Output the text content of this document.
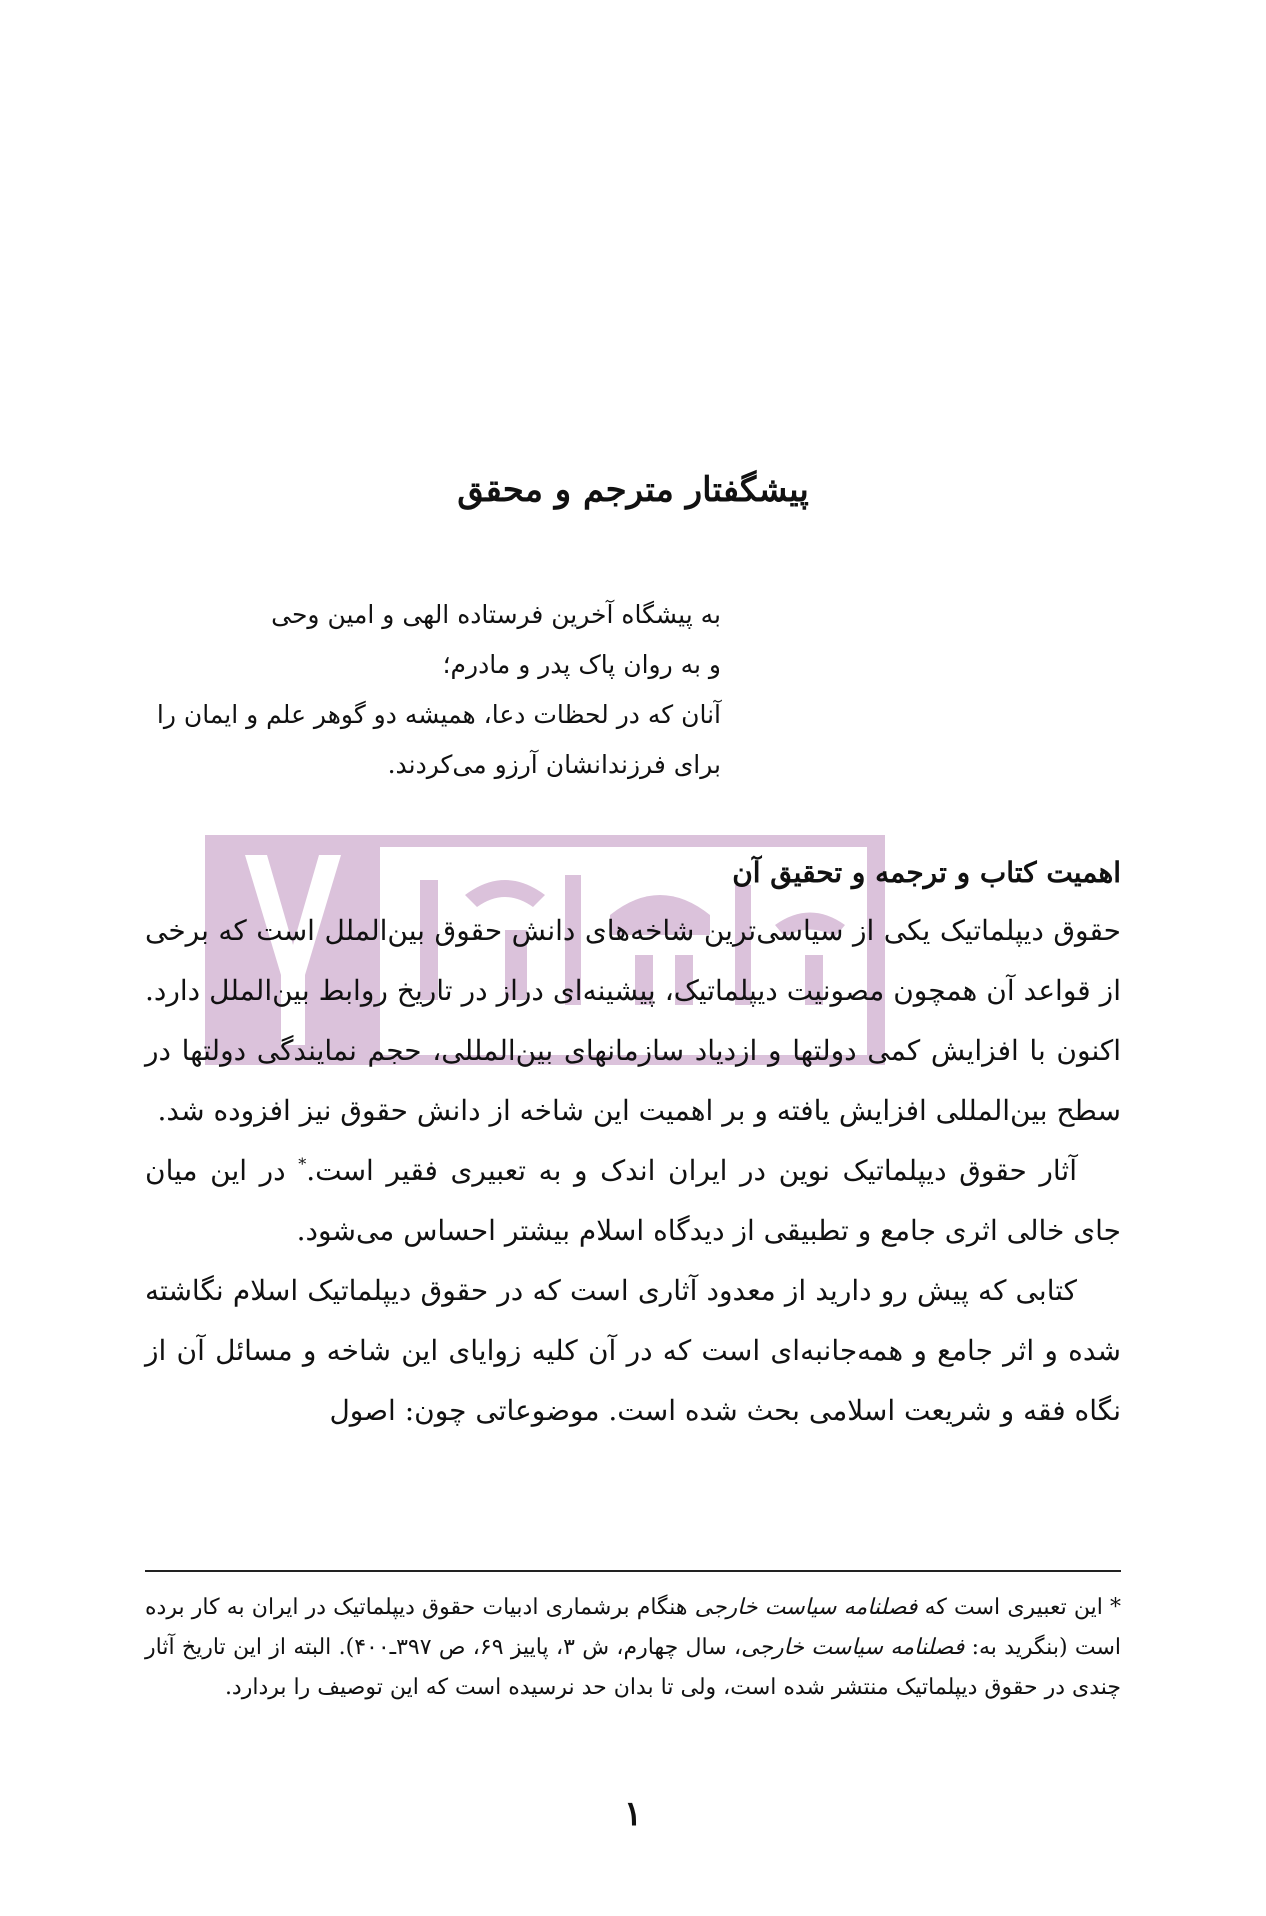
پیشگفتار مترجم و محقق
به پیشگاه آخرین فرستاده الهی و امین وحی
و به روان پاک پدر و مادرم؛
آنان که در لحظات دعا، همیشه دو گوهر علم و ایمان را
برای فرزندانشان آرزو می‌کردند.
اهمیت کتاب و ترجمه و تحقیق آن

حقوق دیپلماتیک یکی از سیاسی‌ترین شاخه‌های دانش حقوق بین‌الملل است که برخی از قواعد آن همچون مصونیت دیپلماتیک، پیشینه‌ای دراز در تاریخ روابط بین‌الملل دارد. اکنون با افزایش کمی دولتها و ازدیاد سازمانهای بین‌المللی، حجم نمایندگی دولتها در سطح بین‌المللی افزایش یافته و بر اهمیت این شاخه از دانش حقوق نیز افزوده شد.

آثار حقوق دیپلماتیک نوین در ایران اندک و به تعبیری فقیر است.* در این میان جای خالی اثری جامع و تطبیقی از دیدگاه اسلام بیشتر احساس می‌شود.

کتابی که پیش رو دارید از معدود آثاری است که در حقوق دیپلماتیک اسلام نگاشته شده و اثر جامع و همه‌جانبه‌ای است که در آن کلیه زوایای این شاخه و مسائل آن از نگاه فقه و شریعت اسلامی بحث شده است. موضوعاتی چون: اصول

* این تعبیری است که فصلنامه سیاست خارجی هنگام برشماری ادبیات حقوق دیپلماتیک در ایران به کار برده است (بنگرید به: فصلنامه سیاست خارجی، سال چهارم، ش ۳، پاییز ۶۹، ص ۳۹۷ـ۴۰۰). البته از این تاریخ آثار چندی در حقوق دیپلماتیک منتشر شده است، ولی تا بدان حد نرسیده است که این توصیف را بردارد.

۱
